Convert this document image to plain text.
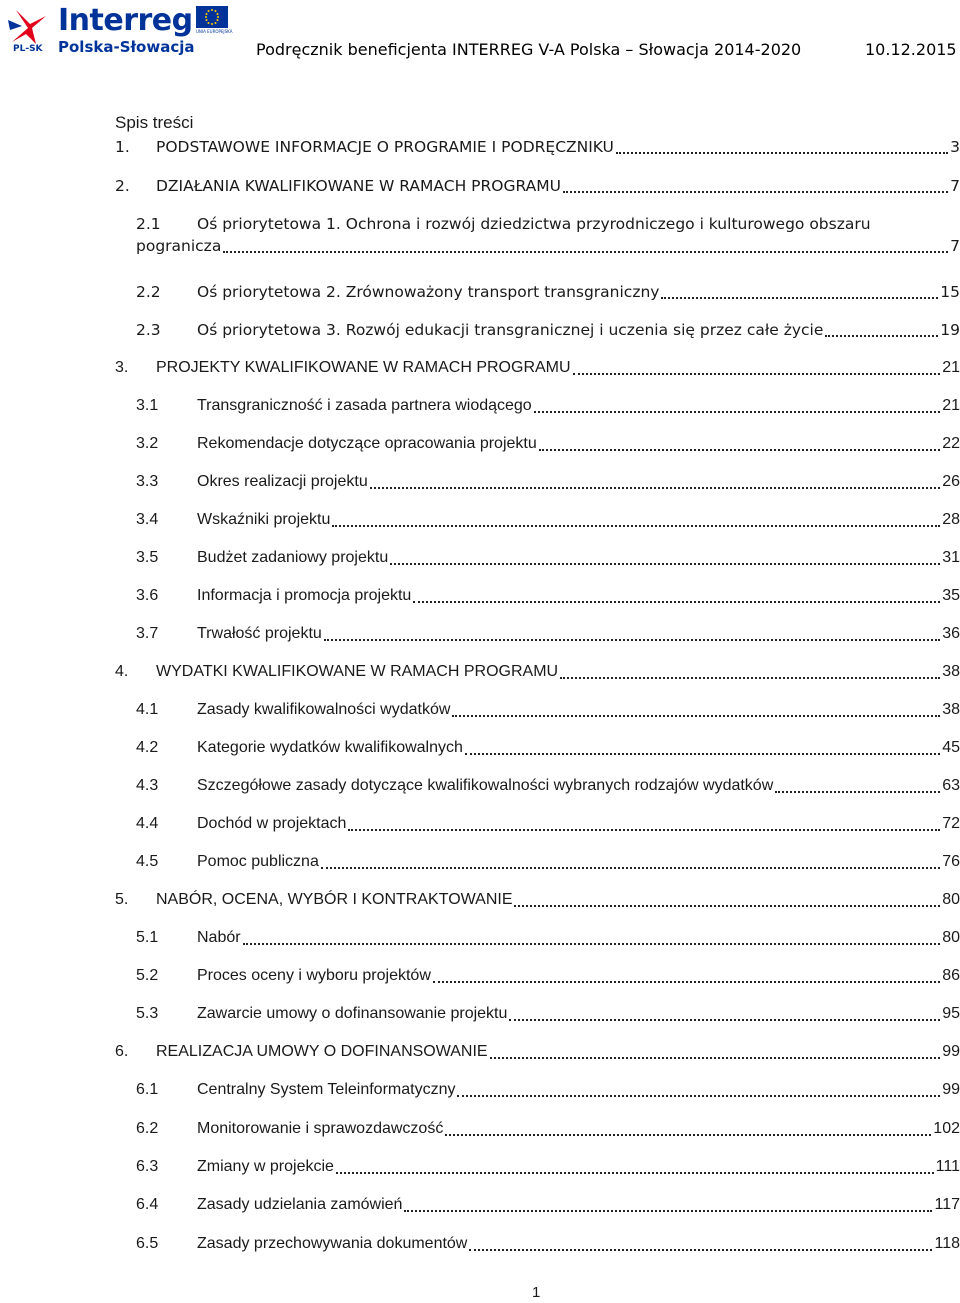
Interreg
Polska-Słowacja
PL-SK
UNIA EUROPEJSKA
Podręcznik beneficjenta INTERREG V-A Polska – Słowacja 2014-2020	10.12.2015
Spis treści
1. PODSTAWOWE INFORMACJE O PROGRAMIE I PODRĘCZNIKU	3
2. DZIAŁANIA KWALIFIKOWANE W RAMACH PROGRAMU	7
2.1 Oś priorytetowa 1. Ochrona i rozwój dziedzictwa przyrodniczego i kulturowego obszaru
pogranicza	7
2.2 Oś priorytetowa 2. Zrównoważony transport transgraniczny	15
2.3 Oś priorytetowa 3. Rozwój edukacji transgranicznej i uczenia się przez całe życie	19
3. PROJEKTY KWALIFIKOWANE W RAMACH PROGRAMU	21
3.1 Transgraniczność i zasada partnera wiodącego	21
3.2 Rekomendacje dotyczące opracowania projektu	22
3.3 Okres realizacji projektu	26
3.4 Wskaźniki projektu	28
3.5 Budżet zadaniowy projektu	31
3.6 Informacja i promocja projektu	35
3.7 Trwałość projektu	36
4. WYDATKI KWALIFIKOWANE W RAMACH PROGRAMU	38
4.1 Zasady kwalifikowalności wydatków	38
4.2 Kategorie wydatków kwalifikowalnych	45
4.3 Szczegółowe zasady dotyczące kwalifikowalności wybranych rodzajów wydatków	63
4.4 Dochód w projektach	72
4.5 Pomoc publiczna	76
5. NABÓR, OCENA, WYBÓR I KONTRAKTOWANIE	80
5.1 Nabór	80
5.2 Proces oceny i wyboru projektów	86
5.3 Zawarcie umowy o dofinansowanie projektu	95
6. REALIZACJA UMOWY O DOFINANSOWANIE	99
6.1 Centralny System Teleinformatyczny	99
6.2 Monitorowanie i sprawozdawczość	102
6.3 Zmiany w projekcie	111
6.4 Zasady udzielania zamówień	117
6.5 Zasady przechowywania dokumentów	118
1
